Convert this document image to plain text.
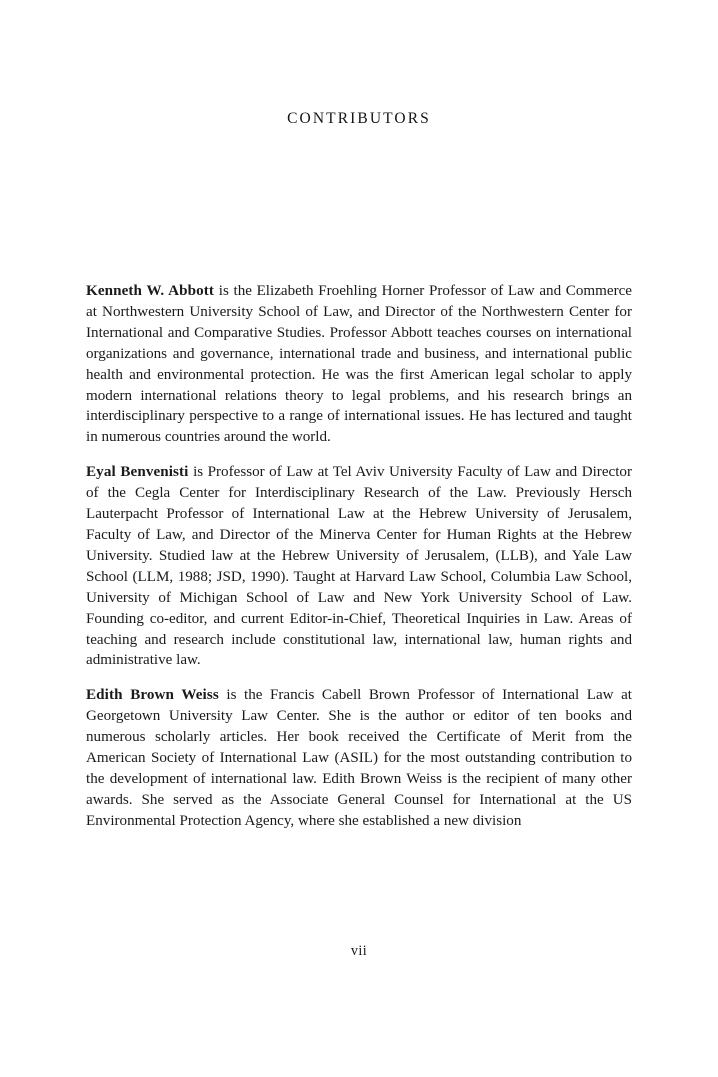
CONTRIBUTORS

Kenneth W. Abbott is the Elizabeth Froehling Horner Professor of Law and Commerce at Northwestern University School of Law, and Director of the Northwestern Center for International and Comparative Studies. Professor Abbott teaches courses on international organizations and governance, international trade and business, and international public health and environmental protection. He was the first American legal scholar to apply modern international relations theory to legal problems, and his research brings an interdisciplinary perspective to a range of international issues. He has lectured and taught in numerous countries around the world.

Eyal Benvenisti is Professor of Law at Tel Aviv University Faculty of Law and Director of the Cegla Center for Interdisciplinary Research of the Law. Previously Hersch Lauterpacht Professor of International Law at the Hebrew University of Jerusalem, Faculty of Law, and Director of the Minerva Center for Human Rights at the Hebrew University. Studied law at the Hebrew University of Jerusalem, (LLB), and Yale Law School (LLM, 1988; JSD, 1990). Taught at Harvard Law School, Columbia Law School, University of Michigan School of Law and New York University School of Law. Founding co-editor, and current Editor-in-Chief, Theoretical Inquiries in Law. Areas of teaching and research include constitutional law, international law, human rights and administrative law.

Edith Brown Weiss is the Francis Cabell Brown Professor of International Law at Georgetown University Law Center. She is the author or editor of ten books and numerous scholarly articles. Her book received the Certificate of Merit from the American Society of International Law (ASIL) for the most outstanding contribution to the development of international law. Edith Brown Weiss is the recipient of many other awards. She served as the Associate General Counsel for International at the US Environmental Protection Agency, where she established a new division

vii
